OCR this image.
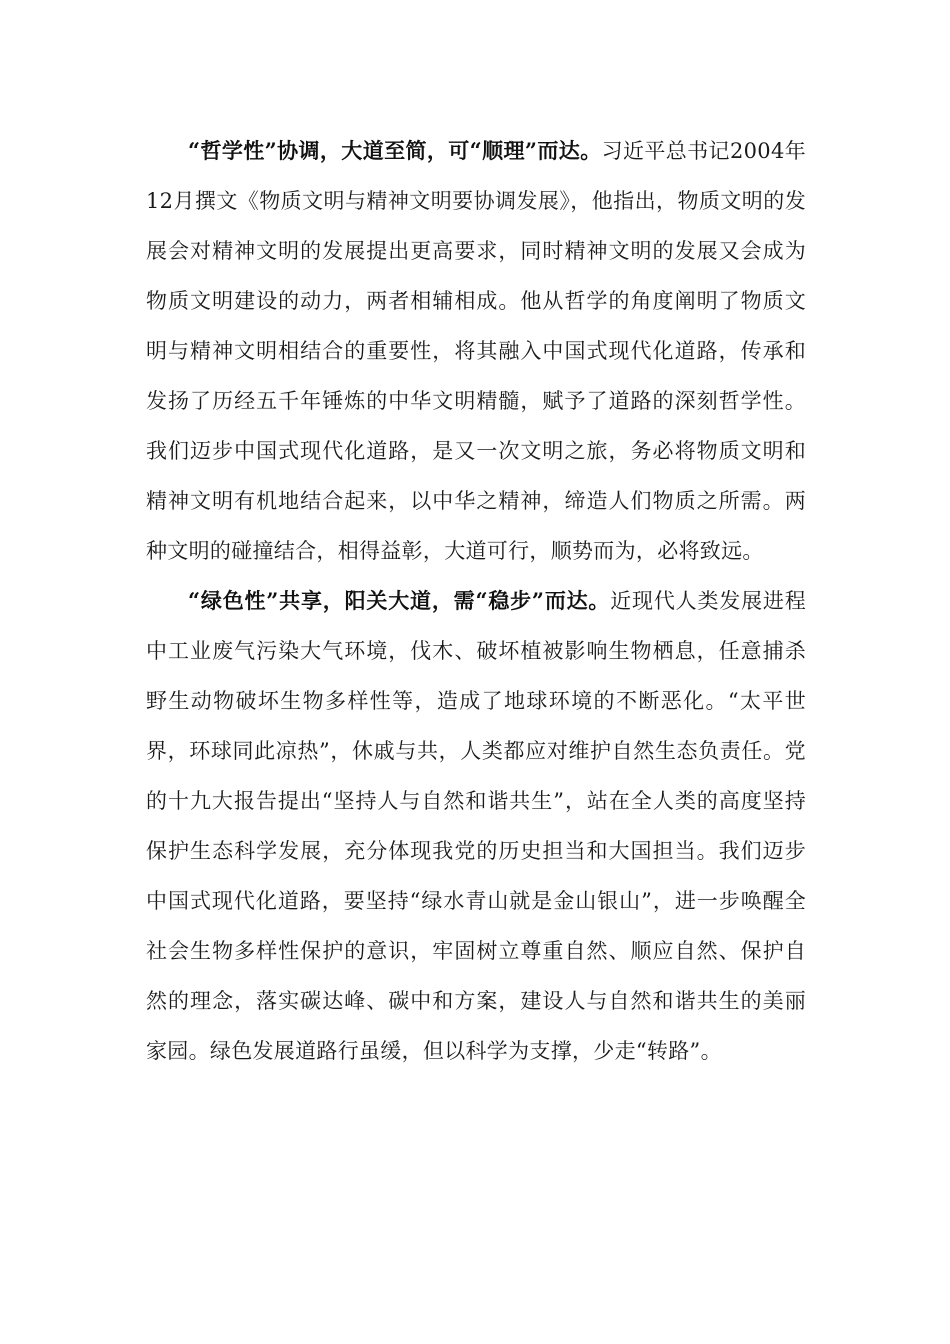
“哲学性”协调，大道至简，可“顺理”而达。习近平总书记2004年12月撰文《物质文明与精神文明要协调发展》，他指出，物质文明的发展会对精神文明的发展提出更高要求，同时精神文明的发展又会成为物质文明建设的动力，两者相辅相成。他从哲学的角度阐明了物质文明与精神文明相结合的重要性，将其融入中国式现代化道路，传承和发扬了历经五千年锤炼的中华文明精髓，赋予了道路的深刻哲学性。我们迈步中国式现代化道路，是又一次文明之旅，务必将物质文明和精神文明有机地结合起来，以中华之精神，缔造人们物质之所需。两种文明的碰撞结合，相得益彰，大道可行，顺势而为，必将致远。

“绿色性”共享，阳关大道，需“稳步”而达。近现代人类发展进程中工业废气污染大气环境，伐木、破坏植被影响生物栖息，任意捕杀野生动物破坏生物多样性等，造成了地球环境的不断恶化。“太平世界，环球同此凉热”，休戚与共，人类都应对维护自然生态负责任。党的十九大报告提出“坚持人与自然和谐共生”，站在全人类的高度坚持保护生态科学发展，充分体现我党的历史担当和大国担当。我们迈步中国式现代化道路，要坚持“绿水青山就是金山银山”，进一步唤醒全社会生物多样性保护的意识，牢固树立尊重自然、顺应自然、保护自然的理念，落实碳达峰、碳中和方案，建设人与自然和谐共生的美丽家园。绿色发展道路行虽缓，但以科学为支撑，少走“转路”。
